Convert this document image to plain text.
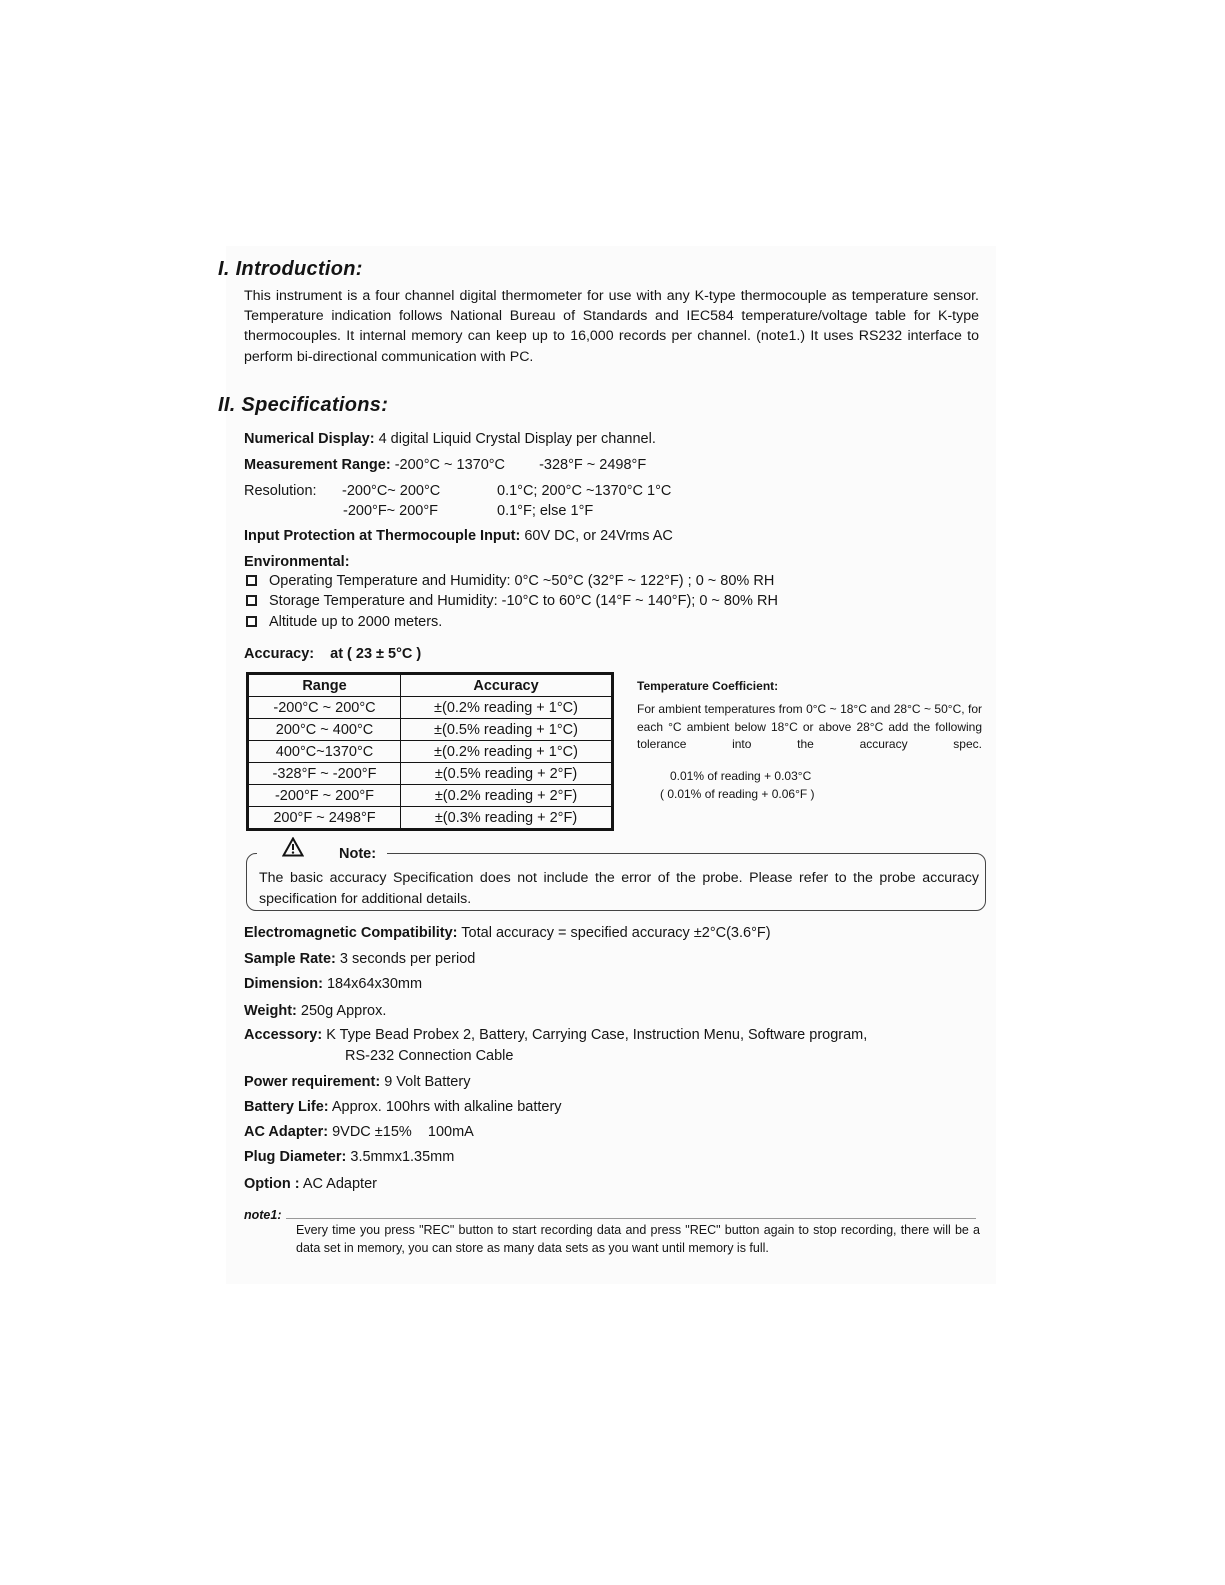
I. Introduction:
This instrument is a four channel digital thermometer for use with any K-type thermocouple as temperature sensor. Temperature indication follows National Bureau of Standards and IEC584 temperature/voltage table for K-type thermocouples. It internal memory can keep up to 16,000 records per channel. (note1.) It uses RS232 interface to perform bi-directional communication with PC.
II. Specifications:
Numerical Display: 4 digital Liquid Crystal Display per channel.
Measurement Range: -200°C ~ 1370°C -328°F ~ 2498°F
Resolution: -200°C~ 200°C	0.1°C; 200°C ~1370°C 1°C
-200°F~ 200°F	0.1°F; else 1°F
Input Protection at Thermocouple Input: 60V DC, or 24Vrms AC
Environmental:
Operating Temperature and Humidity: 0°C ~50°C (32°F ~ 122°F) ; 0 ~ 80% RH
Storage Temperature and Humidity: -10°C to 60°C (14°F ~ 140°F); 0 ~ 80% RH
Altitude up to 2000 meters.
Accuracy: at ( 23 ± 5°C )
Range	Accuracy
-200°C ~ 200°C	±(0.2% reading + 1°C)
200°C ~ 400°C	±(0.5% reading + 1°C)
400°C~1370°C	±(0.2% reading + 1°C)
-328°F ~ -200°F	±(0.5% reading + 2°F)
-200°F ~ 200°F	±(0.2% reading + 2°F)
200°F ~ 2498°F	±(0.3% reading + 2°F)
Temperature Coefficient:
For ambient temperatures from 0°C ~ 18°C and 28°C ~ 50°C, for each °C ambient below 18°C or above 28°C add the following tolerance into the accuracy spec.
0.01% of reading + 0.03°C
( 0.01% of reading + 0.06°F )
Note:
The basic accuracy Specification does not include the error of the probe. Please refer to the probe accuracy specification for additional details.
Electromagnetic Compatibility: Total accuracy = specified accuracy ±2°C(3.6°F)
Sample Rate: 3 seconds per period
Dimension: 184x64x30mm
Weight: 250g Approx.
Accessory: K Type Bead Probex 2, Battery, Carrying Case, Instruction Menu, Software program,
RS-232 Connection Cable
Power requirement: 9 Volt Battery
Battery Life: Approx. 100hrs with alkaline battery
AC Adapter: 9VDC ±15%    100mA
Plug Diameter: 3.5mmx1.35mm
Option : AC Adapter
note1:
Every time you press "REC" button to start recording data and press "REC" button again to stop recording, there will be a data set in memory, you can store as many data sets as you want until memory is full.
